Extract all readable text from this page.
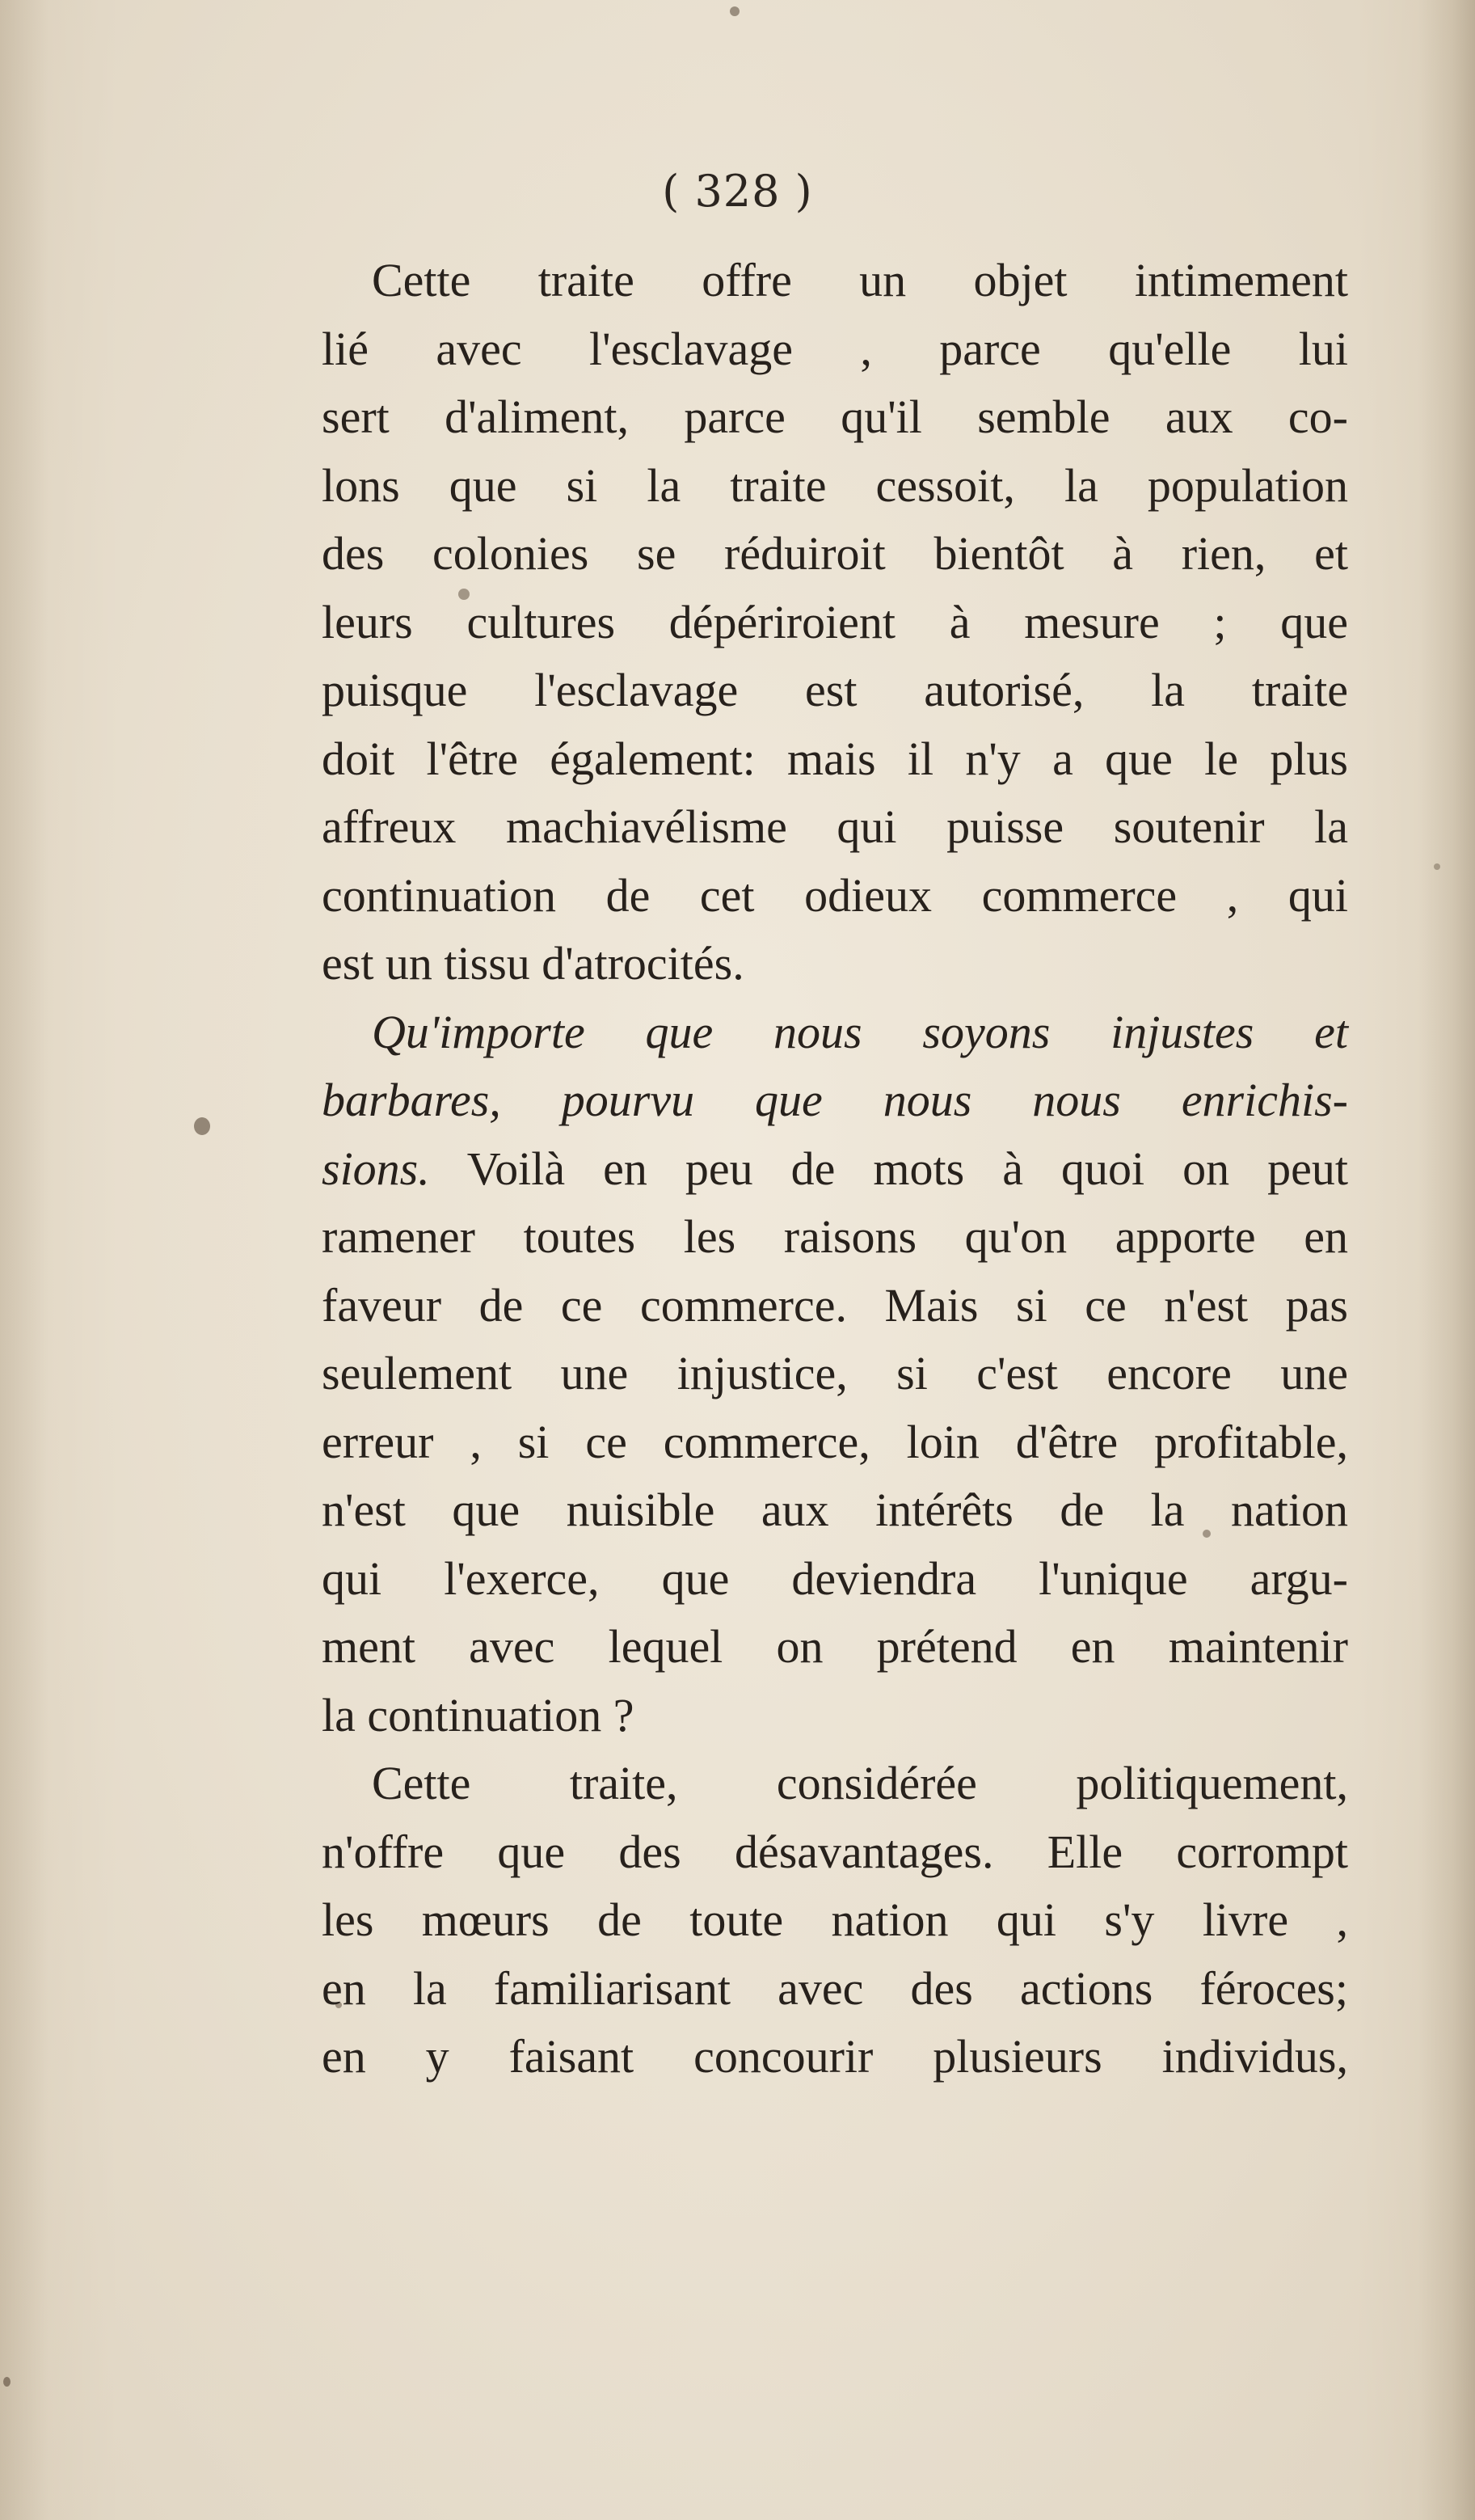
( 328 )
Cette traite offre un objet intimement
lié avec l'esclavage , parce qu'elle lui
sert d'aliment, parce qu'il semble aux co-
lons que si la traite cessoit, la population
des colonies se réduiroit bientôt à rien, et
leurs cultures dépériroient à mesure ; que
puisque l'esclavage est autorisé, la traite
doit l'être également: mais il n'y a que le plus
affreux machiavélisme qui puisse soutenir la
continuation de cet odieux commerce , qui
est un tissu d'atrocités.
Qu'importe que nous soyons injustes et
barbares, pourvu que nous nous enrichis-
sions. Voilà en peu de mots à quoi on peut
ramener toutes les raisons qu'on apporte en
faveur de ce commerce. Mais si ce n'est pas
seulement une injustice, si c'est encore une
erreur , si ce commerce, loin d'être profitable,
n'est que nuisible aux intérêts de la nation
qui l'exerce, que deviendra l'unique argu-
ment avec lequel on prétend en maintenir
la continuation ?
Cette traite, considérée politiquement,
n'offre que des désavantages. Elle corrompt
les mœurs de toute nation qui s'y livre ,
en la familiarisant avec des actions féroces;
en y faisant concourir plusieurs individus,
